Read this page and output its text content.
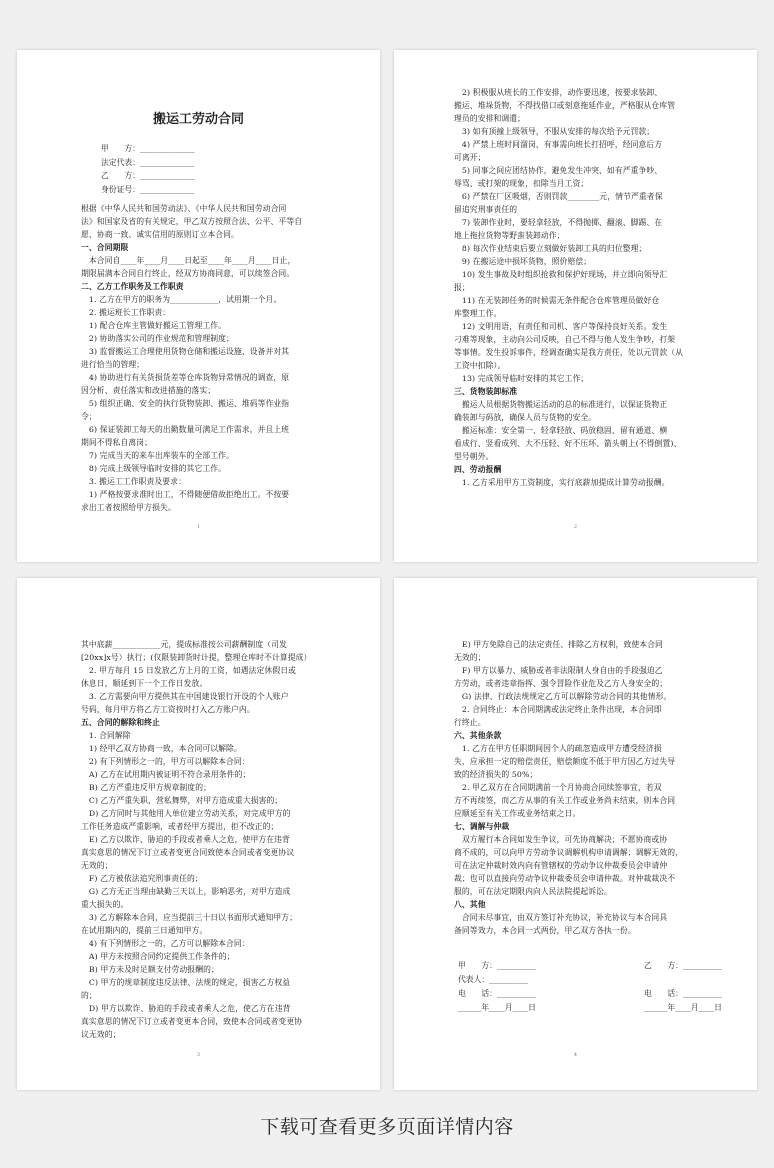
搬运工劳动合同
甲　　方：______________
法定代表：______________
乙　　方：______________
身份证号：______________
根据《中华人民共和国劳动法》、《中华人民共和国劳动合同
法》和国家及省的有关规定，甲乙双方按照合法、公平、平等自
愿、协商一致、诚实信用的原则订立本合同。
一、合同期限
　本合同自____年____月____日起至____年____月____日止，
期限届满本合同自行终止，经双方协商同意，可以续签合同。
二、乙方工作职务及工作职责
　1. 乙方在甲方的职务为____________，试用期一个月。
　2. 搬运班长工作职责：
　1) 配合仓库主管做好搬运工管理工作。
　2) 协助落实公司的作业规范和管理制度；
　3) 监督搬运工合理使用货物仓储和搬运设施、设备并对其
进行恰当的管理；
　4) 协助进行有关货损货差等仓库货物异常情况的调查，原
因分析、责任落实和改进措施的落实；
　5) 组织正确、安全的执行货物装卸、搬运、堆码等作业指
令；
　6) 保证装卸工每天的出勤数量可满足工作需求，并且上班
期间不得私自离岗；
　7) 完成当天的来车出库装车的全部工作。
　8) 完成上级领导临时安排的其它工作。
　3. 搬运工工作职责及要求：
　1) 严格按要求准时出工，不得随便借故拒绝出工。不按要
求出工者按照给甲方损失。
1
　2) 积极服从班长的工作安排，动作要迅速，按要求装卸、
搬运、堆垛货物，不得找借口或刻意拖延作业，严格服从仓库管
理员的安排和调遣；
　3) 如有顶撞上级领导，不服从安排的每次给予元罚款；
　4) 严禁上班时间溜岗，有事需向班长打招呼，经同意后方
可离开；
　5) 同事之间应团结协作，避免发生冲突，如有严重争吵、
辱骂、或打架的现象，扣除当月工资；
　6) 严禁在厂区吸烟，否则罚款________元，情节严重者保
留追究刑事责任的
　7) 装卸作业时，要轻拿轻放，不得抛掷、翻滚、脚踢、在
地上拖拉货物等野蛮装卸动作；
　8) 每次作业结束后要立刻做好装卸工具的归位整理；
　9) 在搬运途中损坏货物，照价赔偿；
　10) 发生事故及时组织抢救和保护好现场，并立即向领导汇
报；
　11) 在无装卸任务的时候需无条件配合仓库管理员做好仓
库整理工作。
　12) 文明用语，有责任和司机、客户等保持良好关系。发生
刁难等现象，主动向公司反映，自己不得与他人发生争吵，打架
等事情。发生投诉事件，经调查确实是我方责任，处以元罚款（从
工资中扣除）。
　13) 完成领导临时安排的其它工作；
三、货物装卸标准
　搬运人员根据货物搬运活动的总的标准进行，以保证货物正
确装卸与码放，确保人员与货物的安全。
　搬运标准：安全第一、轻拿轻放、码放稳固、留有通道、横
看成行、竖看成列、大不压轻、好不压坏、箭头朝上(不得倒置)、
型号朝外。
四、劳动报酬
　1. 乙方采用甲方工资制度，实行底薪加提成计算劳动报酬。
2
其中底薪____________元，提成标准按公司薪酬制度（司发
[20xx]x号）执行；(仅限装卸货时计提，整理仓库时不计算提成）
　2. 甲方每月 15 日发放乙方上月的工资，如遇法定休假日或
休息日，顺延到下一个工作日发放。
　3. 乙方需要向甲方提供其在中国建设银行开设的个人账户
号码，每月甲方将乙方工资按时打入乙方账户内。
五、合同的解除和终止
　1. 合同解除
　1) 经甲乙双方协商一致，本合同可以解除。
　2) 有下列情形之一的，甲方可以解除本合同：
　A) 乙方在试用期内被证明不符合录用条件的；
　B) 乙方严重违反甲方规章制度的；
　C) 乙方严重失职，营私舞弊，对甲方造成重大损害的；
　D) 乙方同时与其他用人单位建立劳动关系，对完成甲方的
工作任务造成严重影响，或者经甲方提出，拒不改正的；
　E) 乙方以欺诈、胁迫的手段或者乘人之危，使甲方在违背
真实意思的情况下订立或者变更合同致使本合同或者变更协议
无效的；
　F) 乙方被依法追究刑事责任的；
　G) 乙方无正当理由缺勤三天以上，影响恶劣，对甲方造成
重大损失的。
　3) 乙方解除本合同，应当提前三十日以书面形式通知甲方；
在试用期内的，提前三日通知甲方。
　4) 有下列情形之一的，乙方可以解除本合同：
　A) 甲方未按照合同约定提供工作条件的；
　B) 甲方未及时足额支付劳动报酬的；
　C) 甲方的规章制度违反法律、法规的规定，损害乙方权益
的；
　D) 甲方以欺诈、胁迫的手段或者乘人之危，使乙方在违背
真实意思的情况下订立或者变更本合同，致使本合同或者变更协
议无效的；
3
　E) 甲方免除自己的法定责任、排除乙方权利，致使本合同
无效的；
　F) 甲方以暴力、威胁或者非法限制人身自由的手段强迫乙
方劳动，或者违章指挥、强令冒险作业危及乙方人身安全的；
　G) 法律、行政法规规定乙方可以解除劳动合同的其他情形。
　2. 合同终止：本合同期满或法定终止条件出现，本合同即
行终止。
六、其他条款
　1. 乙方在甲方任职期间因个人的疏忽造成甲方遭受经济损
失，应承担一定的赔偿责任，赔偿额度不低于甲方因乙方过失导
致的经济损失的 50%；
　2. 甲乙双方在合同期满前一个月协商合同续签事宜，若双
方不再续签，而乙方从事的有关工作或业务尚未结束，则本合同
应顺延至有关工作或业务结束之日。
七、调解与仲裁
　双方履行本合同如发生争议，可先协商解决；不愿协商或协
商不成的，可以向甲方劳动争议调解机构申请调解；调解无效的，
可在法定仲裁时效内向有管辖权的劳动争议仲裁委员会申请仲
裁；也可以直接向劳动争议仲裁委员会申请仲裁。对仲裁裁决不
服的，可在法定期限内向人民法院提起诉讼。
八、其他
　合同未尽事宜，由双方签订补充协议，补充协议与本合同具
备同等效力，本合同一式两份，甲乙双方各执一份。
甲　　方：__________	乙　　方：__________
代表人：__________
电　　话：__________	电　　话：__________
______年____月____日	______年____月____日
4
下载可查看更多页面详情内容
